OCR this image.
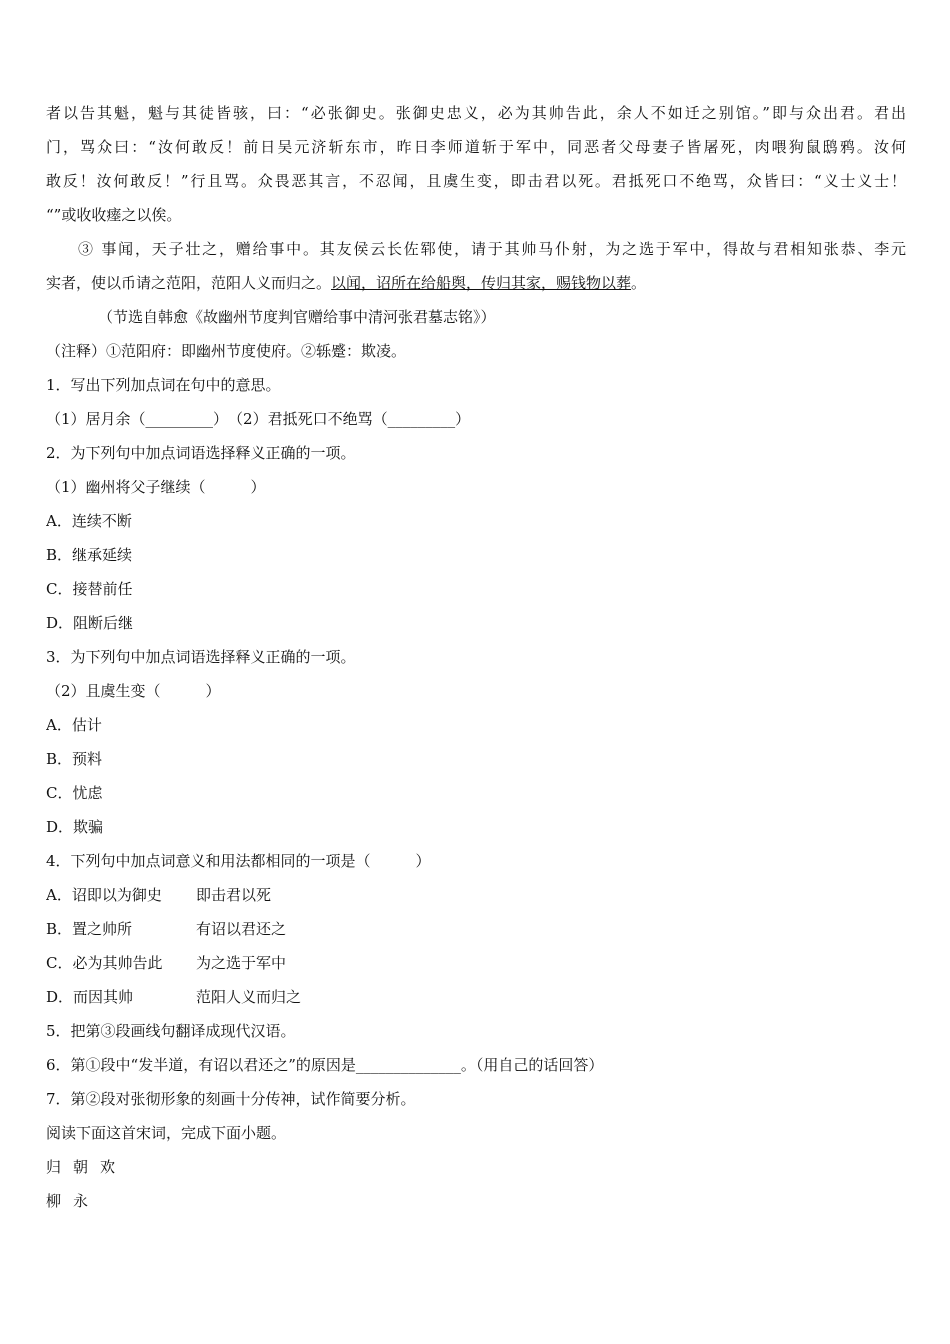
者以告其魁，魁与其徒皆骇，曰：“必张御史。张御史忠义，必为其帅告此，余人不如迁之别馆。”即与众出君。君出
门，骂众曰：“汝何敢反！前日吴元济斩东市，昨日李师道斩于军中，同恶者父母妻子皆屠死，肉喂狗鼠鸱鸦。汝何
敢反！汝何敢反！”行且骂。众畏恶其言，不忍闻，且虞生变，即击君以死。君抵死口不绝骂，众皆曰：“义士义士！
“”或收收瘗之以俟。
③ 事闻，天子壮之，赠给事中。其友侯云长佐郓使，请于其帅马仆射，为之选于军中，得故与君相知张恭、李元
实者，使以币请之范阳，范阳人义而归之。以闻，诏所在给船舆，传归其家，赐钱物以葬。
（节选自韩愈《故幽州节度判官赠给事中清河张君墓志铭》）
（注释）①范阳府：即幽州节度使府。②轹蹙：欺凌。
1．写出下列加点词在句中的意思。
（1）居月余（_________）　（2）君抵死口不绝骂（_________）
2．为下列句中加点词语选择释义正确的一项。
（1）幽州将父子继续（　　　）
A．连续不断
B．继承延续
C．接替前任
D．阻断后继
3．为下列句中加点词语选择释义正确的一项。
（2）且虞生变（　　　）
A．估计
B．预料
C．忧虑
D．欺骗
4．下列句中加点词意义和用法都相同的一项是（　　　）
A．诏即以为御史 即击君以死
B．置之帅所	有诏以君还之
C．必为其帅告此 为之选于军中
D．而因其帅	范阳人义而归之
5．把第③段画线句翻译成现代汉语。
6．第①段中“发半道，有诏以君还之”的原因是______________。（用自己的话回答）
7．第②段对张彻形象的刻画十分传神，试作简要分析。
阅读下面这首宋词，完成下面小题。
归朝欢
柳永
